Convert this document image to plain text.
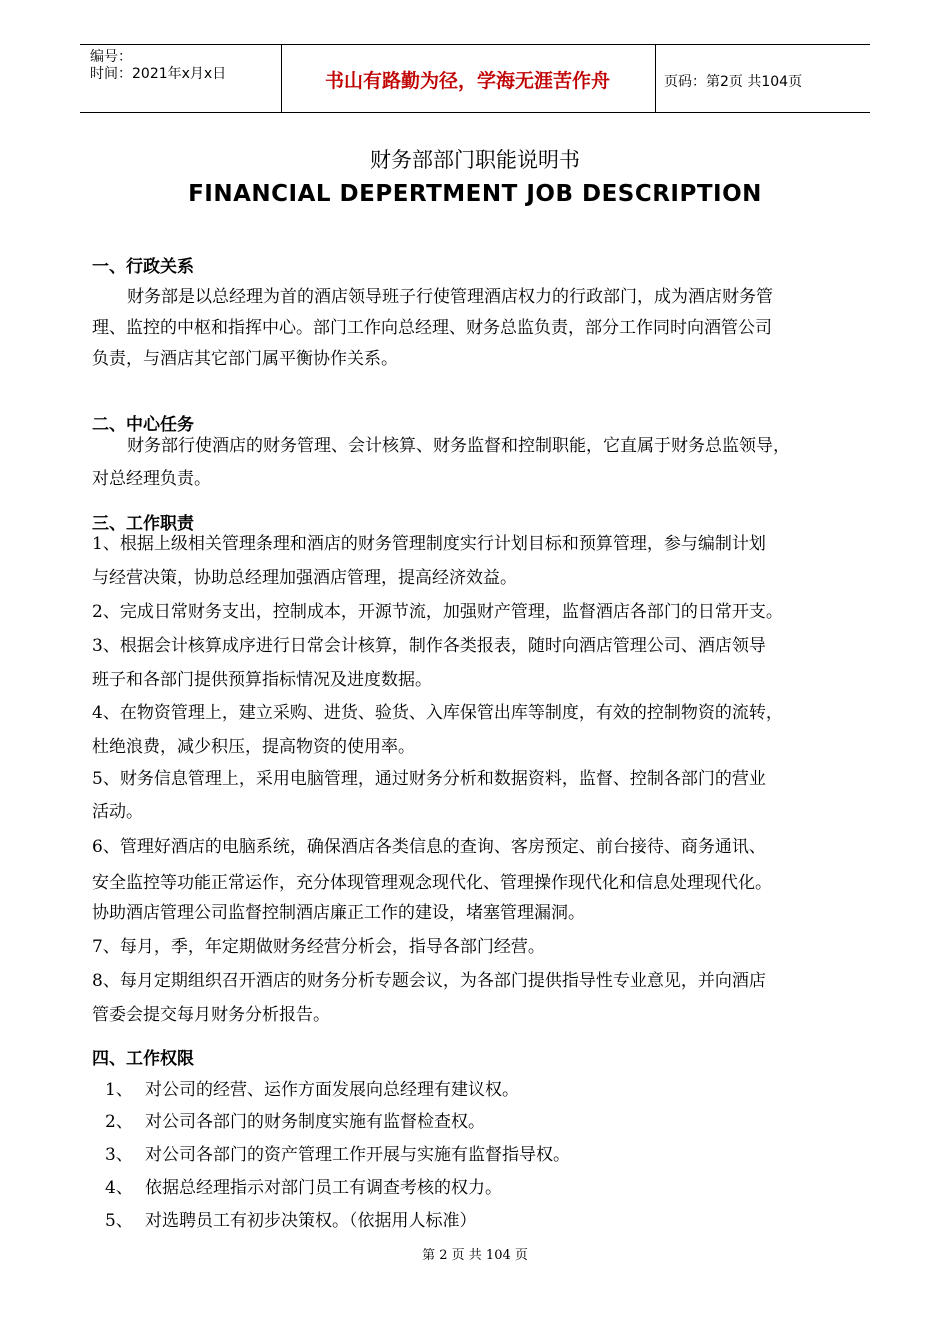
编号：
时间：2021年x月x日	书山有路勤为径，学海无涯苦作舟	页码：第2页 共104页
财务部部门职能说明书
FINANCIAL DEPERTMENT JOB DESCRIPTION
一、行政关系
财务部是以总经理为首的酒店领导班子行使管理酒店权力的行政部门，成为酒店财务管
理、监控的中枢和指挥中心。部门工作向总经理、财务总监负责，部分工作同时向酒管公司
负责，与酒店其它部门属平衡协作关系。
二、中心任务
财务部行使酒店的财务管理、会计核算、财务监督和控制职能，它直属于财务总监领导，
对总经理负责。
三、工作职责
1、根据上级相关管理条理和酒店的财务管理制度实行计划目标和预算管理，参与编制计划
与经营决策，协助总经理加强酒店管理，提高经济效益。
2、完成日常财务支出，控制成本，开源节流，加强财产管理，监督酒店各部门的日常开支。
3、根据会计核算成序进行日常会计核算，制作各类报表，随时向酒店管理公司、酒店领导
班子和各部门提供预算指标情况及进度数据。
4、在物资管理上，建立采购、进货、验货、入库保管出库等制度，有效的控制物资的流转，
杜绝浪费，减少积压，提高物资的使用率。
5、财务信息管理上，采用电脑管理，通过财务分析和数据资料，监督、控制各部门的营业
活动。
6、管理好酒店的电脑系统，确保酒店各类信息的查询、客房预定、前台接待、商务通讯、
安全监控等功能正常运作，充分体现管理观念现代化、管理操作现代化和信息处理现代化。
协助酒店管理公司监督控制酒店廉正工作的建设，堵塞管理漏洞。
7、每月，季，年定期做财务经营分析会，指导各部门经营。
8、每月定期组织召开酒店的财务分析专题会议，为各部门提供指导性专业意见，并向酒店
管委会提交每月财务分析报告。
四、工作权限
1、 对公司的经营、运作方面发展向总经理有建议权。
2、 对公司各部门的财务制度实施有监督检查权。
3、 对公司各部门的资产管理工作开展与实施有监督指导权。
4、 依据总经理指示对部门员工有调查考核的权力。
5、 对选聘员工有初步决策权。（依据用人标准）
第 2 页 共 104 页
